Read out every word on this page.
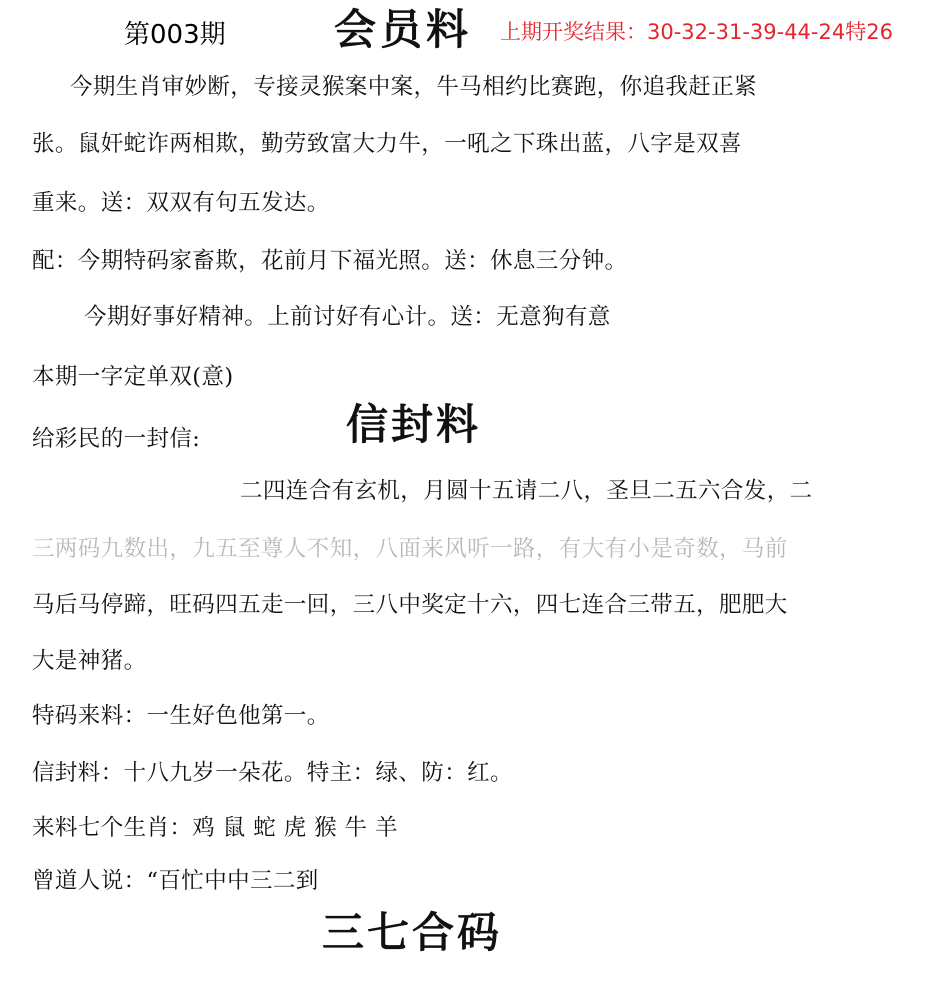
第003期	会员料 上期开奖结果：30-32-31-39-44-24特26
今期生肖审妙断，专接灵猴案中案，牛马相约比赛跑，你追我赶正紧
张。鼠奸蛇诈两相欺，勤劳致富大力牛，一吼之下珠出蓝，八字是双喜
重来。送：双双有句五发达。
配：今期特码家畜欺，花前月下福光照。送：休息三分钟。
今期好事好精神。上前讨好有心计。送：无意狗有意
本期一字定单双(意)
给彩民的一封信:	信封料
二四连合有玄机，月圆十五请二八，圣旦二五六合发，二
三两码九数出，九五至尊人不知，八面来风听一路，有大有小是奇数，马前
马后马停蹄，旺码四五走一回，三八中奖定十六，四七连合三带五，肥肥大
大是神猪。
特码来料：一生好色他第一。
信封料：十八九岁一朵花。特主：绿、防：红。
来料七个生肖：鸡 鼠 蛇 虎 猴 牛 羊
曾道人说：“百忙中中三二到
三七合码
